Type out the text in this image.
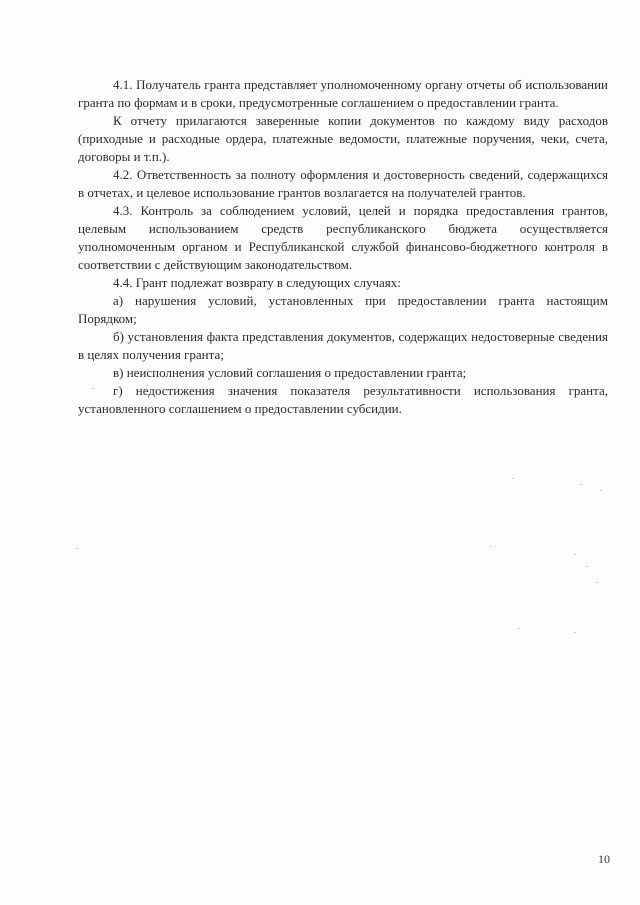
4.1. Получатель гранта представляет уполномоченному органу отчеты об использовании гранта по формам и в сроки, предусмотренные соглашением о предоставлении гранта.

К отчету прилагаются заверенные копии документов по каждому виду расходов (приходные и расходные ордера, платежные ведомости, платежные поручения, чеки, счета, договоры и т.п.).

4.2. Ответственность за полноту оформления и достоверность сведений, содержащихся в отчетах, и целевое использование грантов возлагается на получателей грантов.

4.3. Контроль за соблюдением условий, целей и порядка предоставления грантов, целевым использованием средств республиканского бюджета осуществляется уполномоченным органом и Республиканской службой финансово-бюджетного контроля в соответствии с действующим законодательством.

4.4. Грант подлежат возврату в следующих случаях:

а) нарушения условий, установленных при предоставлении гранта настоящим Порядком;

б) установления факта представления документов, содержащих недостоверные сведения в целях получения гранта;

в) неисполнения условий соглашения о предоставлении гранта;

г) недостижения значения показателя результативности использования гранта, установленного соглашением о предоставлении субсидии.

10
